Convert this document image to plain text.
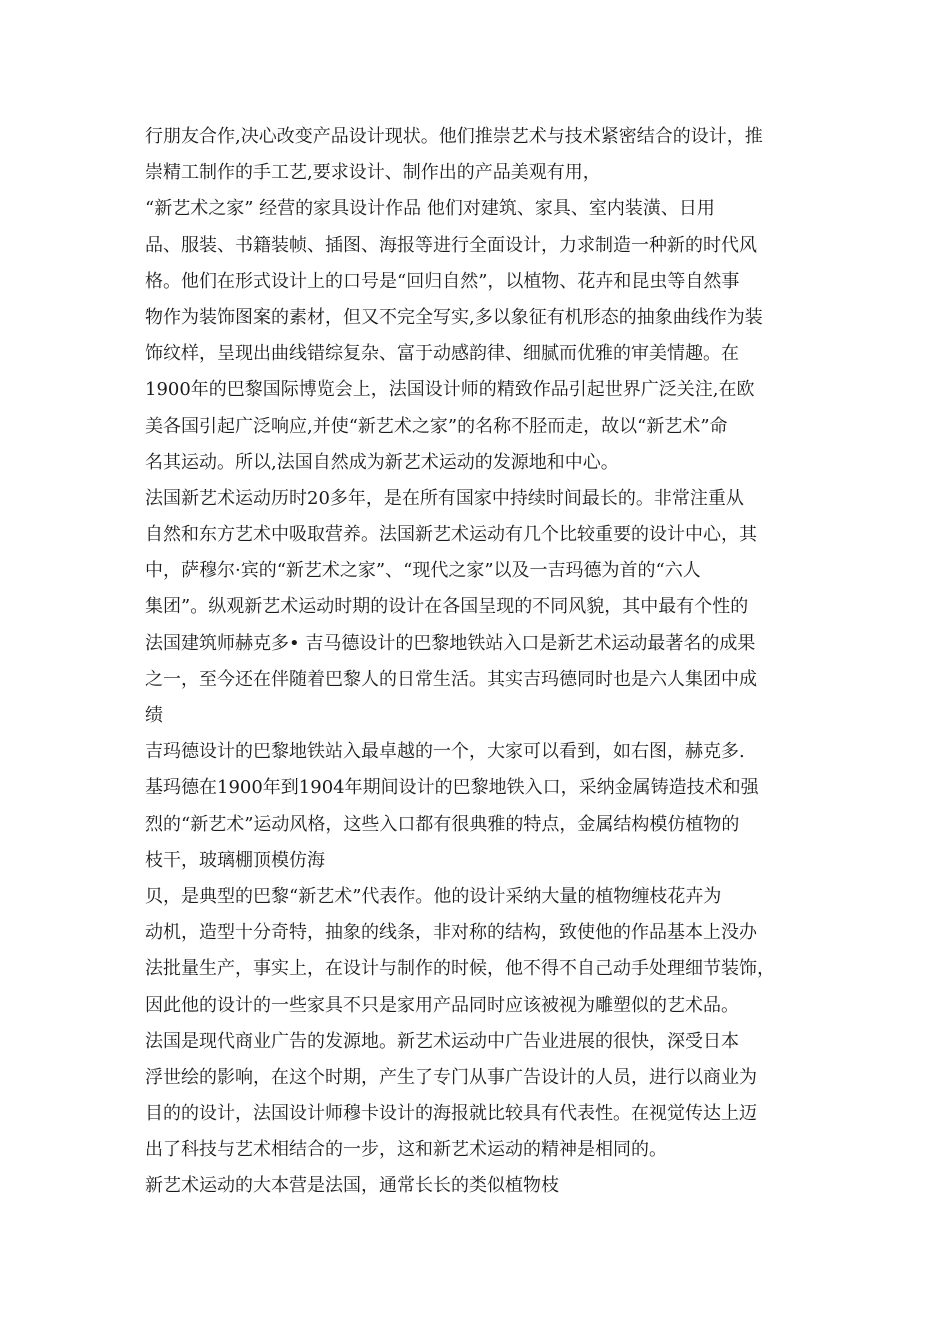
行朋友合作,决心改变产品设计现状。他们推崇艺术与技术紧密结合的设计，推
崇精工制作的手工艺,要求设计、制作出的产品美观有用，
“新艺术之家” 经营的家具设计作品 他们对建筑、家具、室内装潢、日用
品、服装、书籍装帧、插图、海报等进行全面设计，力求制造一种新的时代风
格。他们在形式设计上的口号是“回归自然”，以植物、花卉和昆虫等自然事
物作为装饰图案的素材，但又不完全写实,多以象征有机形态的抽象曲线作为装
饰纹样，呈现出曲线错综复杂、富于动感韵律、细腻而优雅的审美情趣。在
1900年的巴黎国际博览会上，法国设计师的精致作品引起世界广泛关注,在欧
美各国引起广泛响应,并使“新艺术之家”的名称不胫而走，故以“新艺术”命
名其运动。所以,法国自然成为新艺术运动的发源地和中心。
法国新艺术运动历时20多年，是在所有国家中持续时间最长的。非常注重从
自然和东方艺术中吸取营养。法国新艺术运动有几个比较重要的设计中心，其
中，萨穆尔·宾的“新艺术之家”、“现代之家”以及一吉玛德为首的“六人
集团”。纵观新艺术运动时期的设计在各国呈现的不同风貌，其中最有个性的
法国建筑师赫克多• 吉马德设计的巴黎地铁站入口是新艺术运动最著名的成果
之一，至今还在伴随着巴黎人的日常生活。其实吉玛德同时也是六人集团中成
绩
吉玛德设计的巴黎地铁站入最卓越的一个，大家可以看到，如右图，赫克多.
基玛德在1900年到1904年期间设计的巴黎地铁入口，采纳金属铸造技术和强
烈的“新艺术”运动风格，这些入口都有很典雅的特点，金属结构模仿植物的
枝干，玻璃棚顶模仿海
贝，是典型的巴黎“新艺术”代表作。他的设计采纳大量的植物缠枝花卉为
动机，造型十分奇特，抽象的线条，非对称的结构，致使他的作品基本上没办
法批量生产，事实上，在设计与制作的时候，他不得不自己动手处理细节装饰，
因此他的设计的一些家具不只是家用产品同时应该被视为雕塑似的艺术品。
法国是现代商业广告的发源地。新艺术运动中广告业进展的很快，深受日本
浮世绘的影响，在这个时期，产生了专门从事广告设计的人员，进行以商业为
目的的设计，法国设计师穆卡设计的海报就比较具有代表性。在视觉传达上迈
出了科技与艺术相结合的一步，这和新艺术运动的精神是相同的。
新艺术运动的大本营是法国，通常长长的类似植物枝
